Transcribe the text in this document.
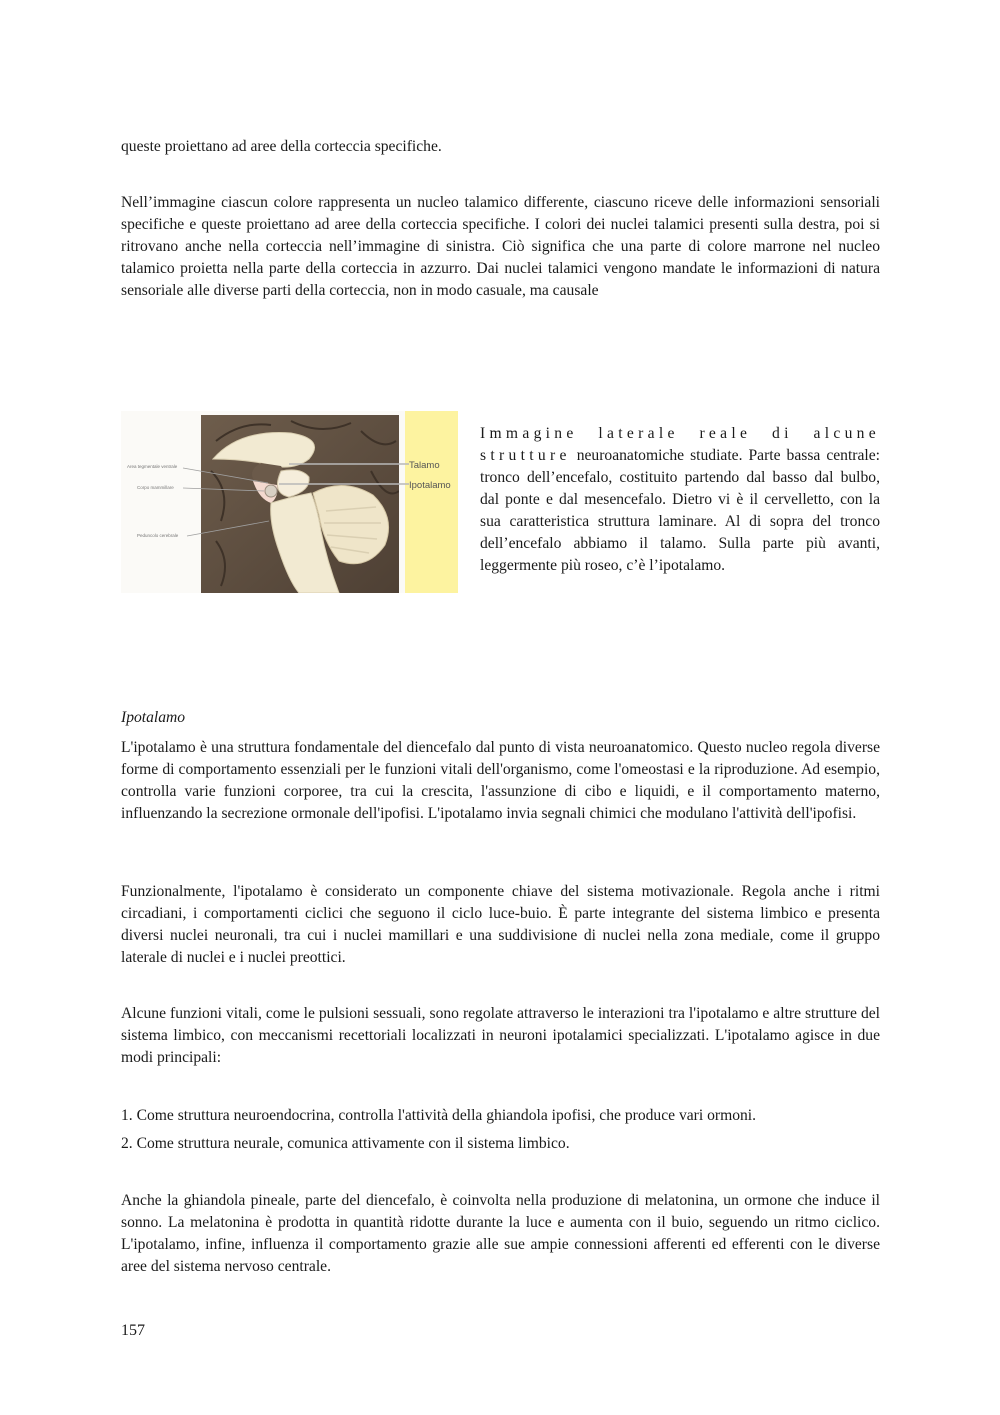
queste proiettano ad aree della corteccia specifiche.

Nell’immagine ciascun colore rappresenta un nucleo talamico differente, ciascuno riceve delle informazioni sensoriali specifiche e queste proiettano ad aree della corteccia specifiche. I colori dei nuclei talamici presenti sulla destra, poi si ritrovano anche nella corteccia nell’immagine di sinistra. Ciò significa che una parte di colore marrone nel nucleo talamico proietta nella parte della corteccia in azzurro. Dai nuclei talamici vengono mandate le informazioni di natura sensoriale alle diverse parti della corteccia, non in modo casuale, ma causale

Area tegmentale ventrale
Corpo mammillare
Peduncolo cerebrale
Talamo
Ipotalamo

Immagine laterale reale di alcune strutture neuroanatomiche studiate. Parte bassa centrale: tronco dell’encefalo, costituito partendo dal basso dal bulbo, dal ponte e dal mesencefalo. Dietro vi è il cervelletto, con la sua caratteristica struttura laminare. Al di sopra del tronco dell’encefalo abbiamo il talamo. Sulla parte più avanti, leggermente più roseo, c’è l’ipotalamo.

Ipotalamo

L'ipotalamo è una struttura fondamentale del diencefalo dal punto di vista neuroanatomico. Questo nucleo regola diverse forme di comportamento essenziali per le funzioni vitali dell'organismo, come l'omeostasi e la riproduzione. Ad esempio, controlla varie funzioni corporee, tra cui la crescita, l'assunzione di cibo e liquidi, e il comportamento materno, influenzando la secrezione ormonale dell'ipofisi. L'ipotalamo invia segnali chimici che modulano l'attività dell'ipofisi.

Funzionalmente, l'ipotalamo è considerato un componente chiave del sistema motivazionale. Regola anche i ritmi circadiani, i comportamenti ciclici che seguono il ciclo luce-buio. È parte integrante del sistema limbico e presenta diversi nuclei neuronali, tra cui i nuclei mamillari e una suddivisione di nuclei nella zona mediale, come il gruppo laterale di nuclei e i nuclei preottici.

Alcune funzioni vitali, come le pulsioni sessuali, sono regolate attraverso le interazioni tra l'ipotalamo e altre strutture del sistema limbico, con meccanismi recettoriali localizzati in neuroni ipotalamici specializzati. L'ipotalamo agisce in due modi principali:

1. Come struttura neuroendocrina, controlla l'attività della ghiandola ipofisi, che produce vari ormoni.

2. Come struttura neurale, comunica attivamente con il sistema limbico.

Anche la ghiandola pineale, parte del diencefalo, è coinvolta nella produzione di melatonina, un ormone che induce il sonno. La melatonina è prodotta in quantità ridotte durante la luce e aumenta con il buio, seguendo un ritmo ciclico. L'ipotalamo, infine, influenza il comportamento grazie alle sue ampie connessioni afferenti ed efferenti con le diverse aree del sistema nervoso centrale.

157
